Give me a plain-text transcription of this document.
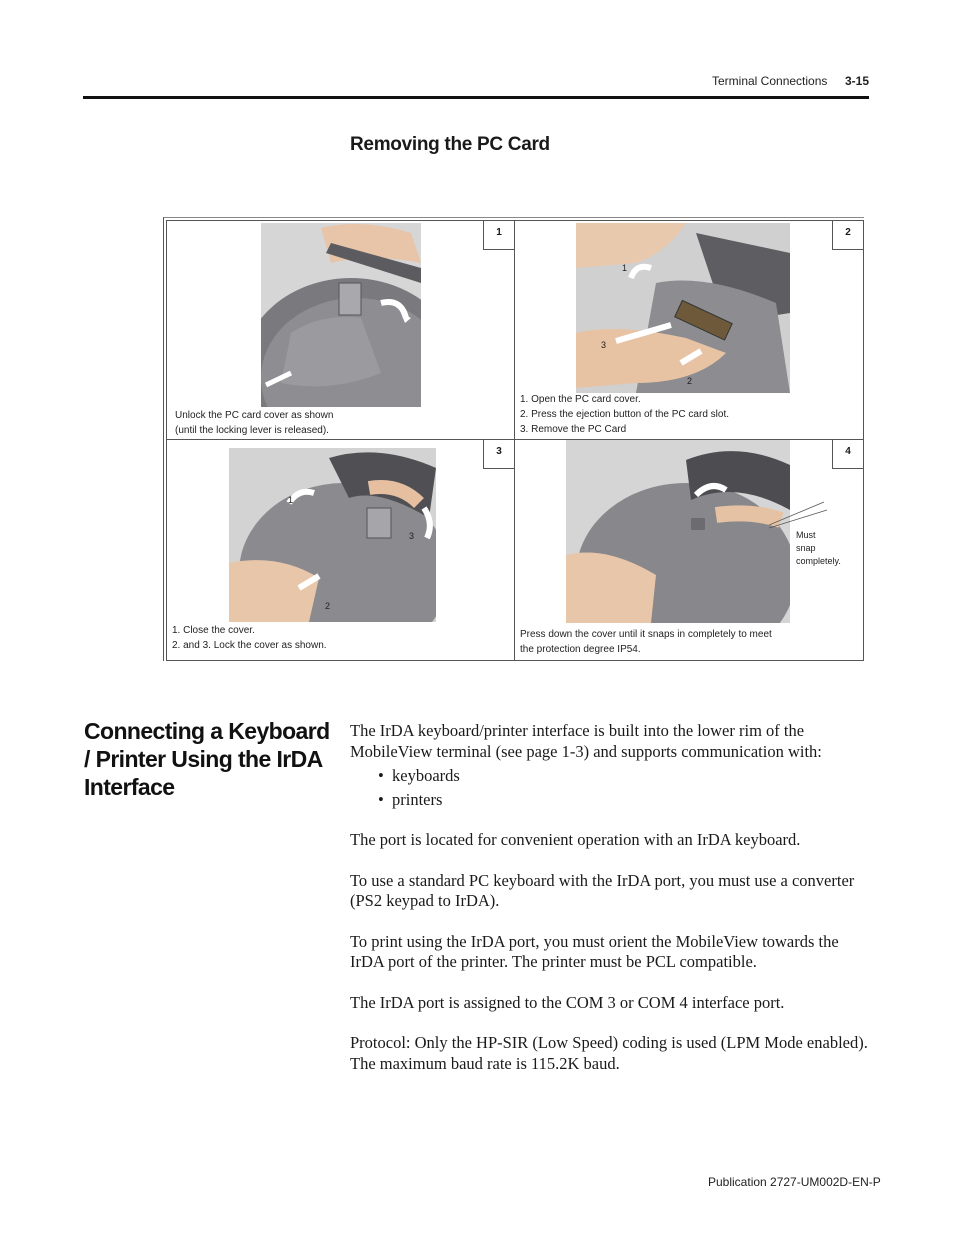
Terminal Connections 3-15
Removing the PC Card
1
Unlock the PC card cover as shown
(until the locking lever is released).
1
2
3
2
1. Open the PC card cover.
2. Press the ejection button of the PC card slot.
3. Remove the PC Card
1
2
3
3
1. Close the cover.
2. and 3. Lock the cover as shown.
Must
snap
completely.
4
Press down the cover until it snaps in completely to meet
the protection degree IP54.
Connecting a Keyboard / Printer Using the IrDA Interface

The IrDA keyboard/printer interface is built into the lower rim of the MobileView terminal (see page 1-3) and supports communication with:

• keyboards
• printers

The port is located for convenient operation with an IrDA keyboard.

To use a standard PC keyboard with the IrDA port, you must use a converter (PS2 keypad to IrDA).

To print using the IrDA port, you must orient the MobileView towards the IrDA port of the printer. The printer must be PCL compatible.

The IrDA port is assigned to the COM 3 or COM 4 interface port.

Protocol: Only the HP-SIR (Low Speed) coding is used (LPM Mode enabled). The maximum baud rate is 115.2K baud.

Publication 2727-UM002D-EN-P
